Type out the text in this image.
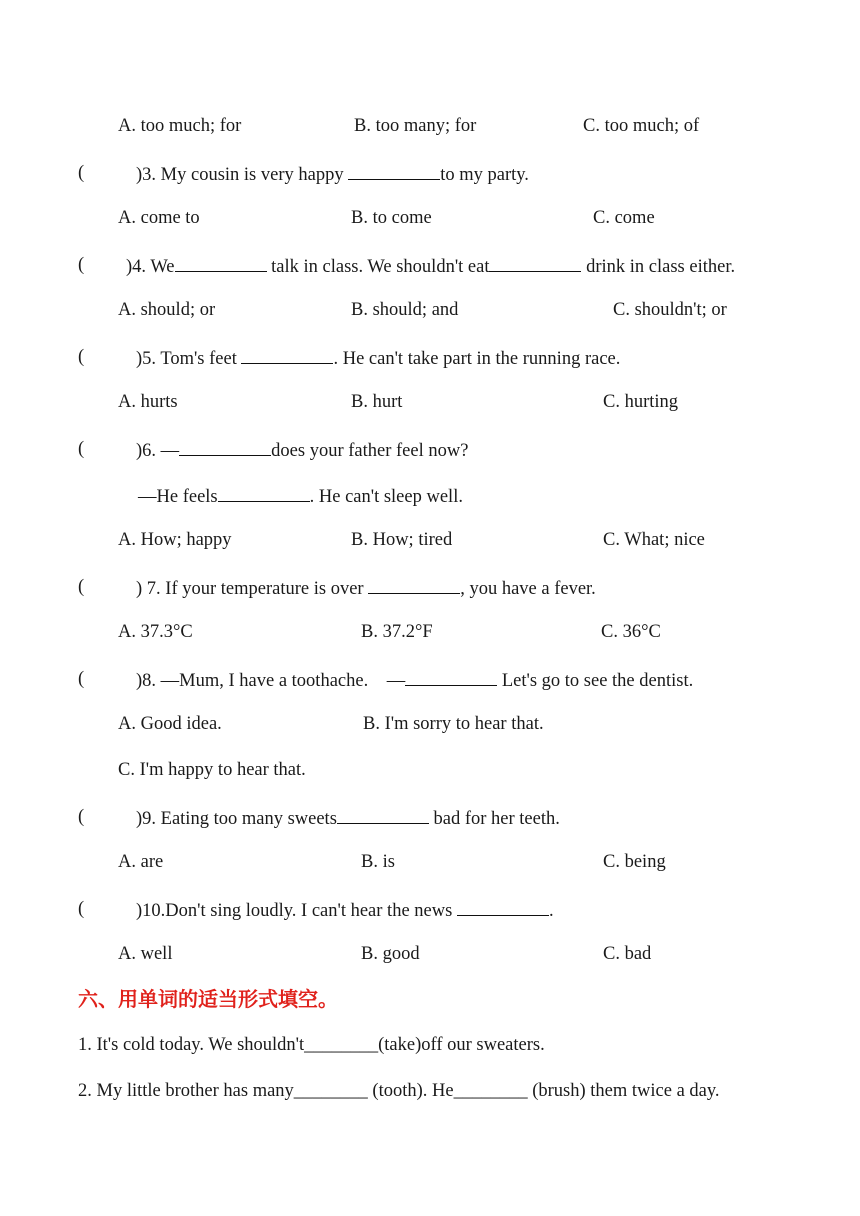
A. too much; for	B. too many; for	C. too much; of
(	)3. My cousin is very happy	to my party.
A. come to	B. to come	C. come
( )4. We	talk in class. We shouldn't eat	drink in class either.
A. should; or	B. should; and	C. shouldn't; or
(	)5. Tom's feet	. He can't take part in the running race.
A. hurts	B. hurt	C. hurting
(	)6. —	does your father feel now?
—He feels	. He can't sleep well.
A. How; happy	B. How; tired	C. What; nice
(	) 7. If your temperature is over	, you have a fever.
A. 37.3°C	B. 37.2°F	C. 36°C
(	)8. —Mum, I have a toothache.    —	Let's go to see the dentist.
A. Good idea.	B. I'm sorry to hear that.
C. I'm happy to hear that.
(	)9. Eating too many sweets	bad for her teeth.
A. are	B. is	C. being
(	)10.Don't sing loudly. I can't hear the news	.
A. well	B. good	C. bad
六、用单词的适当形式填空。
1. It's cold today. We shouldn't________(take)off our sweaters.
2. My little brother has many________ (tooth). He________ (brush) them twice a day.
